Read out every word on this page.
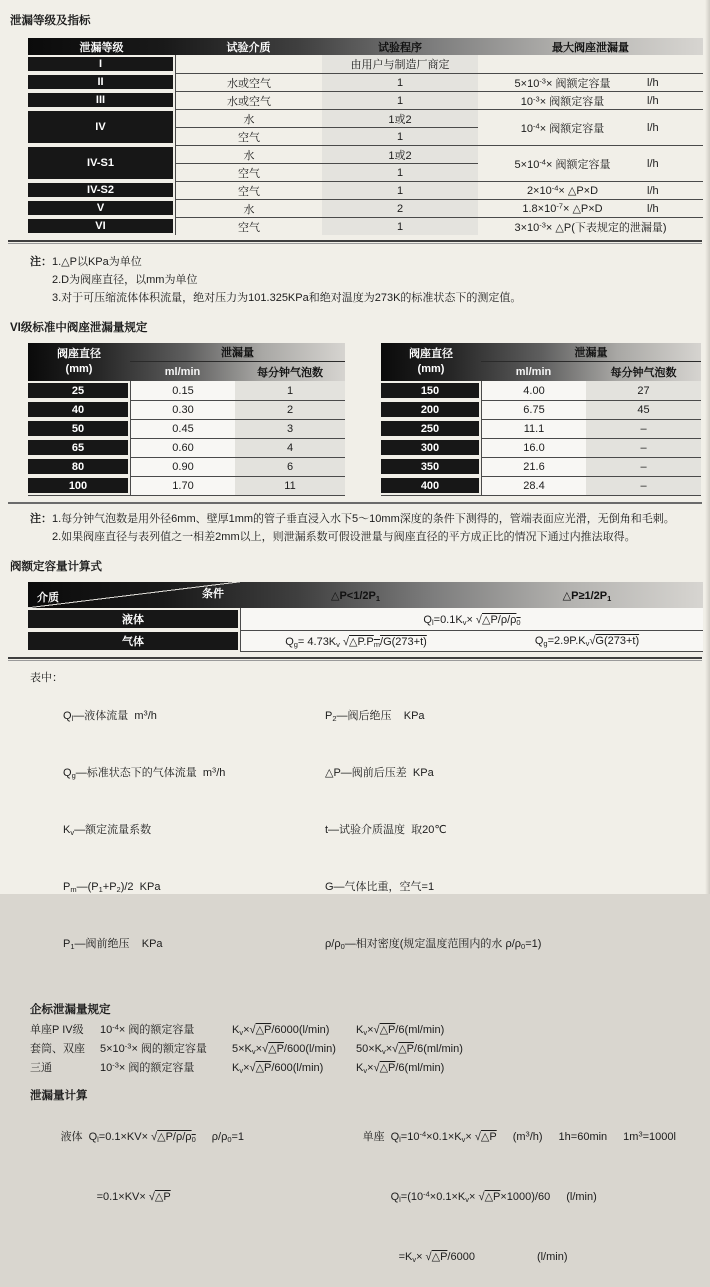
泄漏等级及指标
泄漏等级	试验介质	试验程序	最大阀座泄漏量
I		由用户与制造厂商定	
II	水或空气	1	$5\times 10^{-3}\times$ 阀额定容量 l/h

III	水或空气	1	$10^{-3}\times$ 阀额定容量 l/h

IV	水	1或2	$10^{-4}\times$ 阀额定容量 l/h

	空气	1	
IV-S1	水	1或2	$5\times 10^{-4}\times$ 阀额定容量 l/h

	空气	1	
IV-S2	空气	1	$2\times 10^{-4}\times$ △P×D l/h

V	水	2	$1.8\times 10^{-7}\times$ △P×D l/h

VI	空气	1	$3\times 10^{-3}\times$ △P(下表规定的泄漏量)
注： 1.△P以KPa为单位
2.D为阀座直径，以mm为单位
3.对于可压缩流体体积流量，绝对压力为101.325KPa和绝对温度为273K的标准状态下的测定值。
VI级标准中阀座泄漏量规定
阀座直径
(mm)	泄漏量	
	ml/min	每分钟气泡数
25	0.15	1
40	0.30	2
50	0.45	3
65	0.60	4
80	0.90	6
100	1.70	11
阀座直径
(mm)	泄漏量	
	ml/min	每分钟气泡数
150	4.00	27
200	6.75	45
250	11.1	–
300	16.0	–
350	21.6	–
400	28.4	–
注： 1.每分钟气泡数是用外径6mm、壁厚1mm的管子垂直浸入水下5～10mm深度的条件下测得的，管端表面应光滑，无倒角和毛刺。
2.如果阀座直径与表列值之一相差2mm以上，则泄漏系数可假设泄量与阀座直径的平方成正比的情况下通过内推法取得。
阀额定容量计算式
介质 条件	$\triangle P<1/2P_1$	$\triangle P\ge 1/2P_1$
液体	$Q_l=0.1K_v\times$ $√\triangle P/\rho/\rho_0$
气体	$Q_g= 4.73K_v$ $√\triangle P.P_m/G(273+t)$	$Q_g=2.9P.K_v√G(273+t)$
表中：

$Q_l—$液体流量  $m^3/h$

$Q_g—$标准状态下的气体流量  $m^3/h$

$K_v—$额定流量系数

$P_m—(P_1+P_2)/2$  KPa

$P_1—$阀前绝压    KPa

$P_2—$阀后绝压    KPa

△P—阀前后压差  KPa

t—试验介质温度  取20℃

G—气体比重，空气=1

$\rho/\rho_0—$相对密度(规定温度范围内的水 $\rho/\rho_0=1$)

企标泄漏量规定
单座P IV级	$10^{-4}\times$ 阀的额定容量	$K_v\times√\triangle P/6000(l/\min)$	$K_v\times√\triangle P/6(ml/\min)$
套筒、双座	$5\times 10^{-3}\times$ 阀的额定容量	$5\times K_v\times√\triangle P/600(l/\min)$	$50\times K_v\times√\triangle P/6(ml/\min)$
三通	$10^{-3}\times$ 阀的额定容量	$K_v\times√\triangle P/600(l/\min)$	$K_v\times√\triangle P/6(ml/\min)$
泄漏量计算

液体 $Q_l=0.1\times KV\times$ $√\triangle P/\rho/\rho_0$ $\rho/\rho_0=1$

=0.1×KV× √△P

单座 $Q_l=10^{-4}\times 0.1\times K_v\times$ √△P $(m^3/h)$ 1h=60min $1m^3=1000l$

$Q_l=(10^{-4}\times 0.1\times K_v\times$ √△P×1000)/60 (l/min)

$=K_v\times$ √△P/6000	(l/min)
